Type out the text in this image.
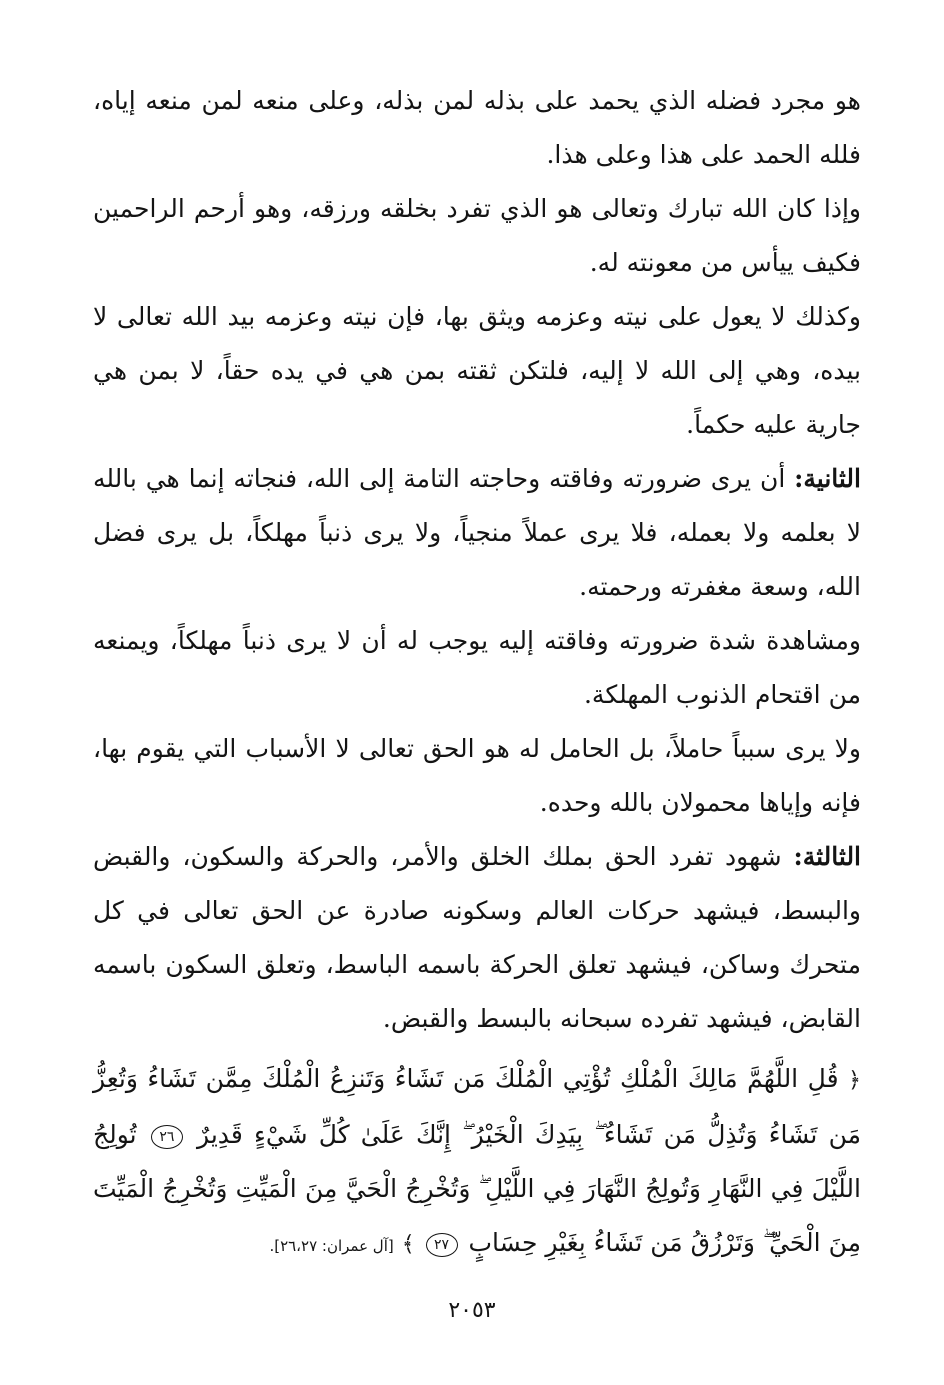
هو مجرد فضله الذي يحمد على بذله لمن بذله، وعلى منعه لمن منعه إياه، فلله الحمد على هذا وعلى هذا.

وإذا كان الله تبارك وتعالى هو الذي تفرد بخلقه ورزقه، وهو أرحم الراحمين فكيف ييأس من معونته له.

وكذلك لا يعول على نيته وعزمه ويثق بها، فإن نيته وعزمه بيد الله تعالى لا بيده، وهي إلى الله لا إليه، فلتكن ثقته بمن هي في يده حقاً، لا بمن هي جارية عليه حكماً.

الثانية: أن يرى ضرورته وفاقته وحاجته التامة إلى الله، فنجاته إنما هي بالله لا بعلمه ولا بعمله، فلا يرى عملاً منجياً، ولا يرى ذنباً مهلكاً، بل يرى فضل الله، وسعة مغفرته ورحمته.

ومشاهدة شدة ضرورته وفاقته إليه يوجب له أن لا يرى ذنباً مهلكاً، ويمنعه من اقتحام الذنوب المهلكة.

ولا يرى سبباً حاملاً، بل الحامل له هو الحق تعالى لا الأسباب التي يقوم بها، فإنه وإياها محمولان بالله وحده.

الثالثة: شهود تفرد الحق بملك الخلق والأمر، والحركة والسكون، والقبض والبسط، فيشهد حركات العالم وسكونه صادرة عن الحق تعالى في كل متحرك وساكن، فيشهد تعلق الحركة باسمه الباسط، وتعلق السكون باسمه القابض، فيشهد تفرده سبحانه بالبسط والقبض.

﴿ قُلِ اللَّهُمَّ مَالِكَ الْمُلْكِ تُؤْتِي الْمُلْكَ مَن تَشَاءُ وَتَنزِعُ الْمُلْكَ مِمَّن تَشَاءُ وَتُعِزُّ مَن تَشَاءُ وَتُذِلُّ مَن تَشَاءُ ۖ بِيَدِكَ الْخَيْرُ ۖ إِنَّكَ عَلَىٰ كُلِّ شَيْءٍ قَدِيرٌ ٢٦ تُولِجُ اللَّيْلَ فِي النَّهَارِ وَتُولِجُ النَّهَارَ فِي اللَّيْلِ ۖ وَتُخْرِجُ الْحَيَّ مِنَ الْمَيِّتِ وَتُخْرِجُ الْمَيِّتَ مِنَ الْحَيِّ ۖ وَتَرْزُقُ مَن تَشَاءُ بِغَيْرِ حِسَابٍ ٢٧ ﴾ [آل عمران: ٢٦،٢٧].

٢٠٥٣
